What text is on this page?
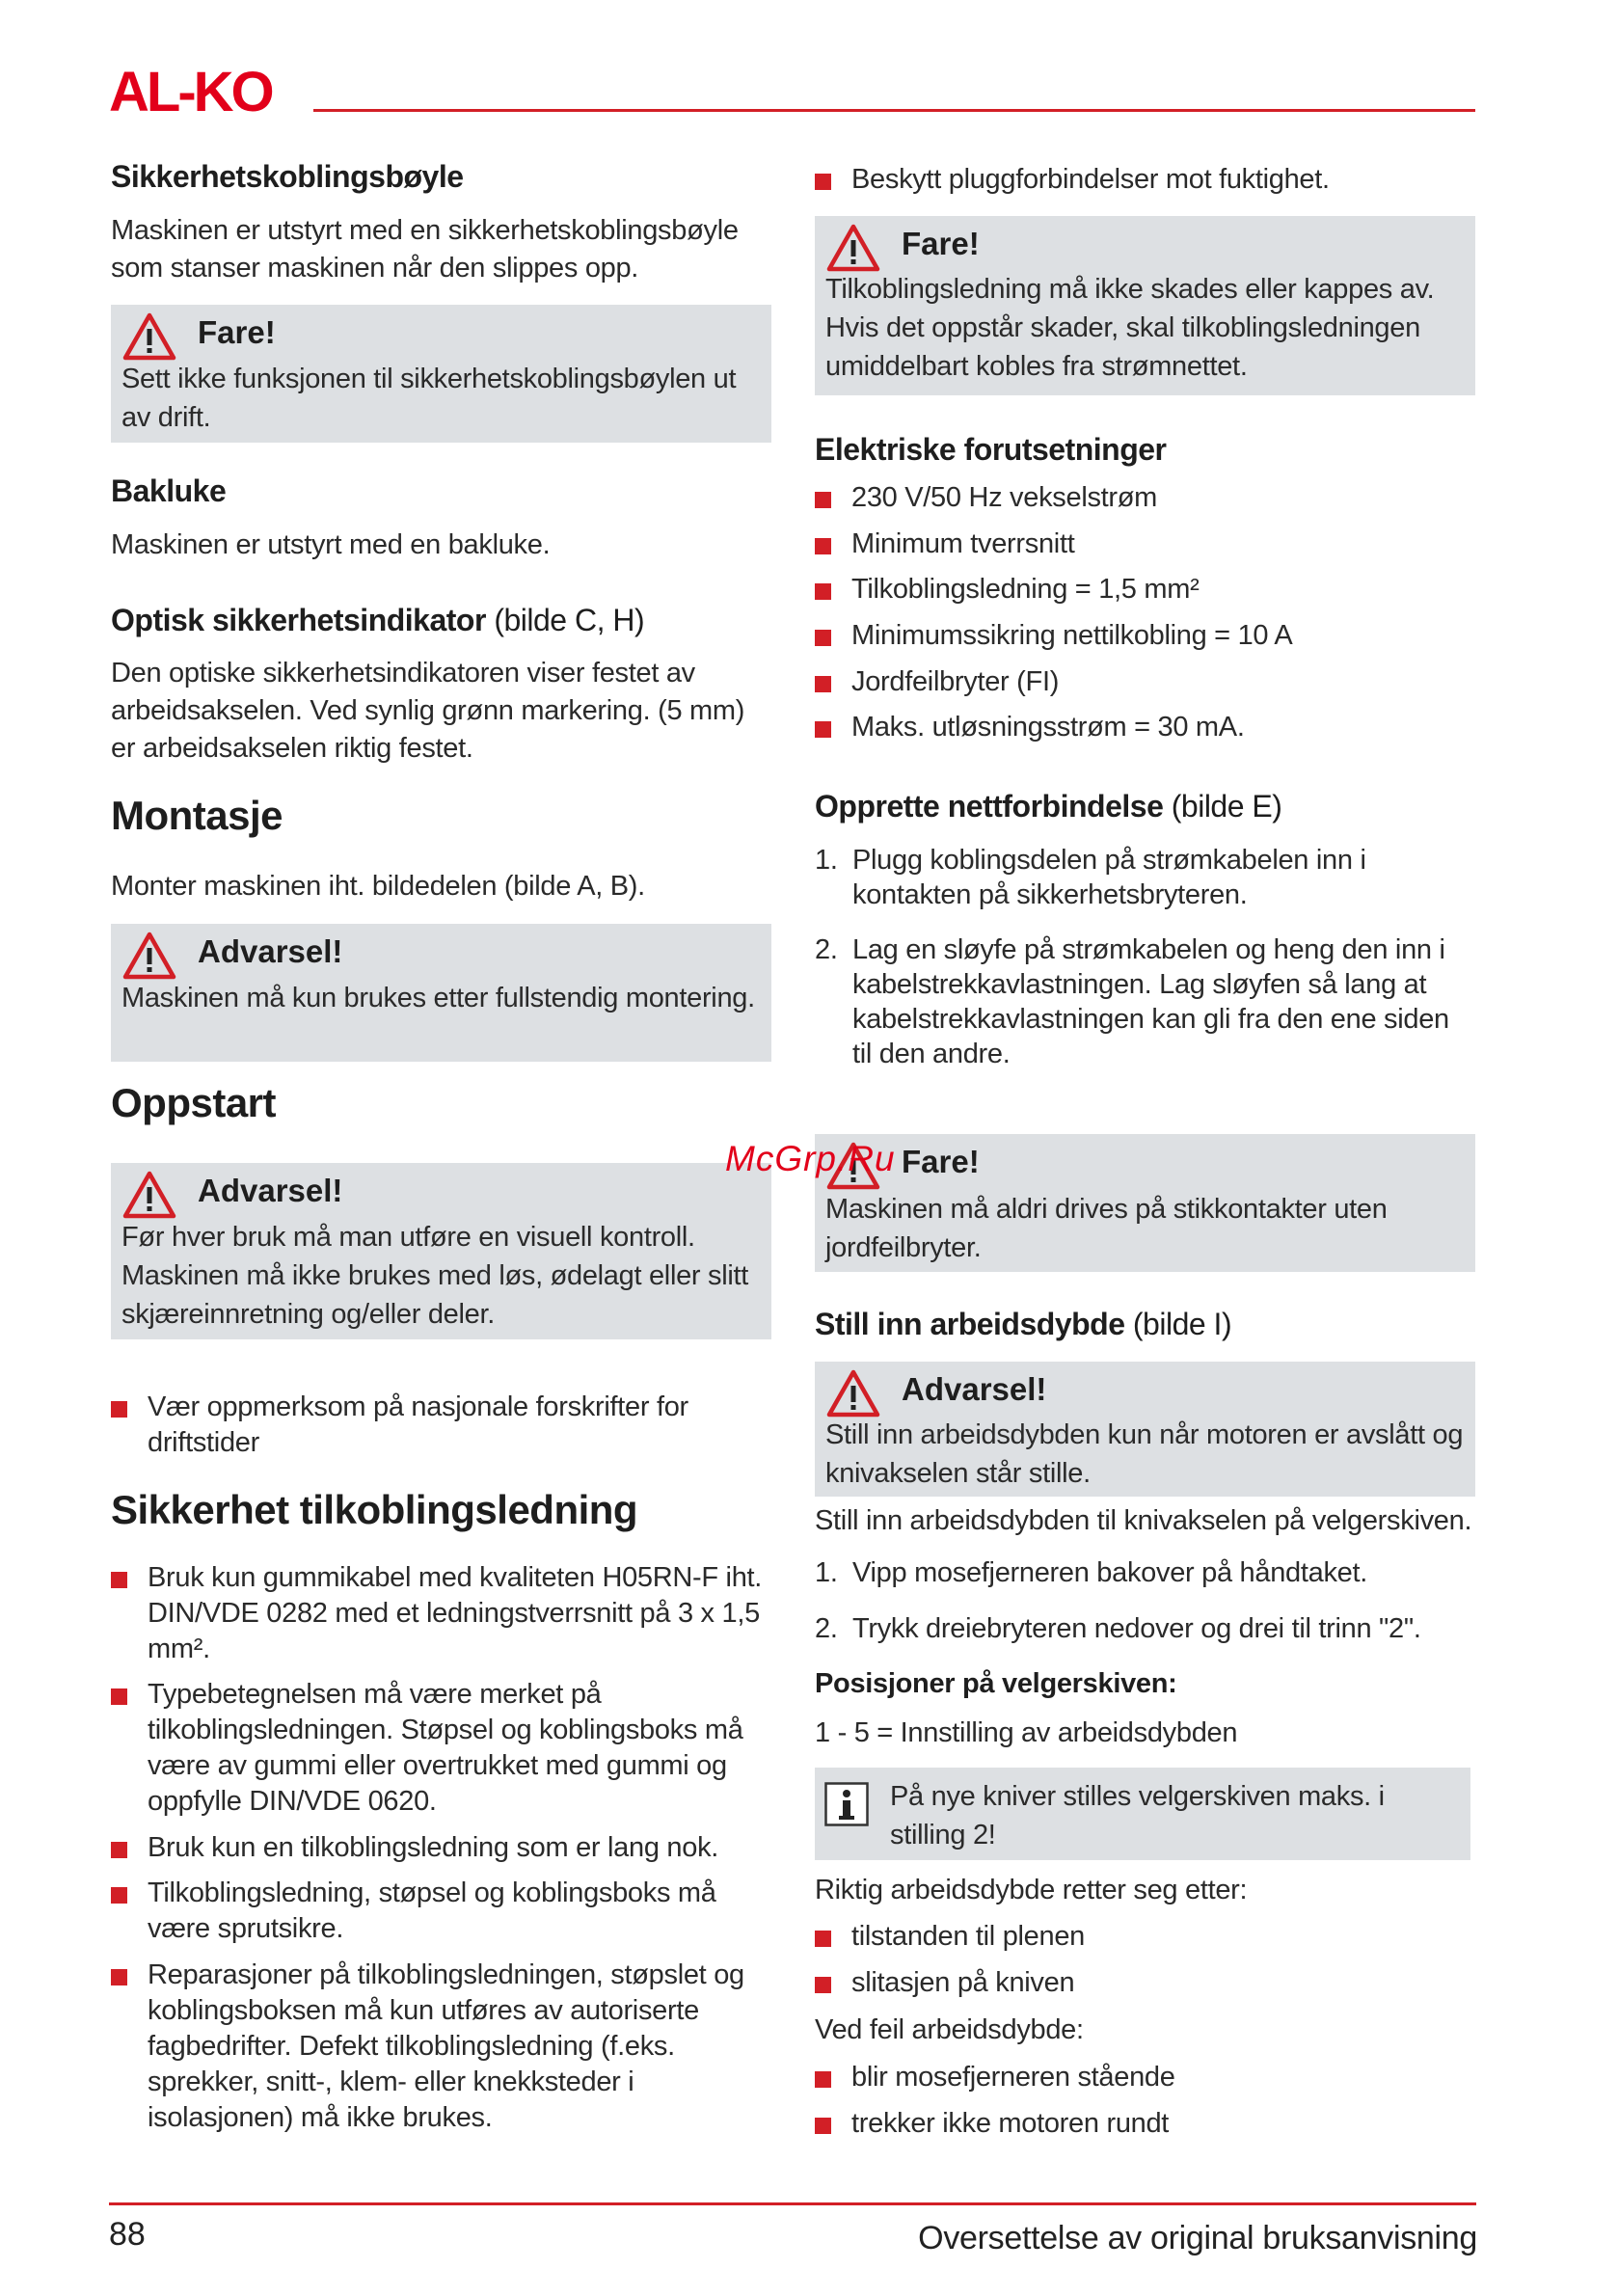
AL-KO
Sikkerhetskoblingsbøyle
Maskinen er utstyrt med en sikkerhetskoblingsbøyle som stanser maskinen når den slippes opp.
Fare!
Sett ikke funksjonen til sikkerhetskoblingsbøylen ut av drift.
Bakluke
Maskinen er utstyrt med en bakluke.
Optisk sikkerhetsindikator (bilde C, H)
Den optiske sikkerhetsindikatoren viser festet av arbeidsakselen. Ved synlig grønn markering. (5 mm) er arbeidsakselen riktig festet.
Montasje
Monter maskinen iht. bildedelen (bilde A, B).
Advarsel!
Maskinen må kun brukes etter fullstendig montering.
Oppstart
Advarsel!
Før hver bruk må man utføre en visuell kontroll. Maskinen må ikke brukes med løs, ødelagt eller slitt skjæreinnretning og/eller deler.
Vær oppmerksom på nasjonale forskrifter for driftstider
Sikkerhet tilkoblingsledning
Bruk kun gummikabel med kvaliteten H05RN-F iht. DIN/VDE 0282 med et ledningstverrsnitt på 3 x 1,5 mm².
Typebetegnelsen må være merket på tilkoblingsledningen. Støpsel og koblingsboks må være av gummi eller overtrukket med gummi og oppfylle DIN/VDE 0620.
Bruk kun en tilkoblingsledning som er lang nok.
Tilkoblingsledning, støpsel og koblingsboks må være sprutsikre.
Reparasjoner på tilkoblingsledningen, støpslet og koblingsboksen må kun utføres av autoriserte fagbedrifter. Defekt tilkoblingsledning (f.eks. sprekker, snitt-, klem- eller knekksteder i isolasjonen) må ikke brukes.
Beskytt pluggforbindelser mot fuktighet.
Fare!
Tilkoblingsledning må ikke skades eller kappes av. Hvis det oppstår skader, skal tilkoblingsledningen umiddelbart kobles fra strømnettet.
Elektriske forutsetninger
230 V/50 Hz vekselstrøm
Minimum tverrsnitt
Tilkoblingsledning = 1,5 mm²
Minimumssikring nettilkobling = 10 A
Jordfeilbryter (FI)
Maks. utløsningsstrøm = 30 mA.
Opprette nettforbindelse (bilde E)
1. Plugg koblingsdelen på strømkabelen inn i kontakten på sikkerhetsbryteren.
2. Lag en sløyfe på strømkabelen og heng den inn i kabelstrekkavlastningen. Lag sløyfen så lang at kabelstrekkavlastningen kan gli fra den ene siden til den andre.
Fare!
Maskinen må aldri drives på stikkontakter uten jordfeilbryter.
Still inn arbeidsdybde (bilde I)
Advarsel!
Still inn arbeidsdybden kun når motoren er avslått og knivakselen står stille.
Still inn arbeidsdybden til knivakselen på velgerskiven.
1. Vipp mosefjerneren bakover på håndtaket.
2. Trykk dreiebryteren nedover og drei til trinn "2".
Posisjoner på velgerskiven:
1 - 5 = Innstilling av arbeidsdybden
På nye kniver stilles velgerskiven maks. i stilling 2!
Riktig arbeidsdybde retter seg etter:
tilstanden til plenen
slitasjen på kniven
Ved feil arbeidsdybde:
blir mosefjerneren stående
trekker ikke motoren rundt
McGrp.Ru
88	Oversettelse av original bruksanvisning
